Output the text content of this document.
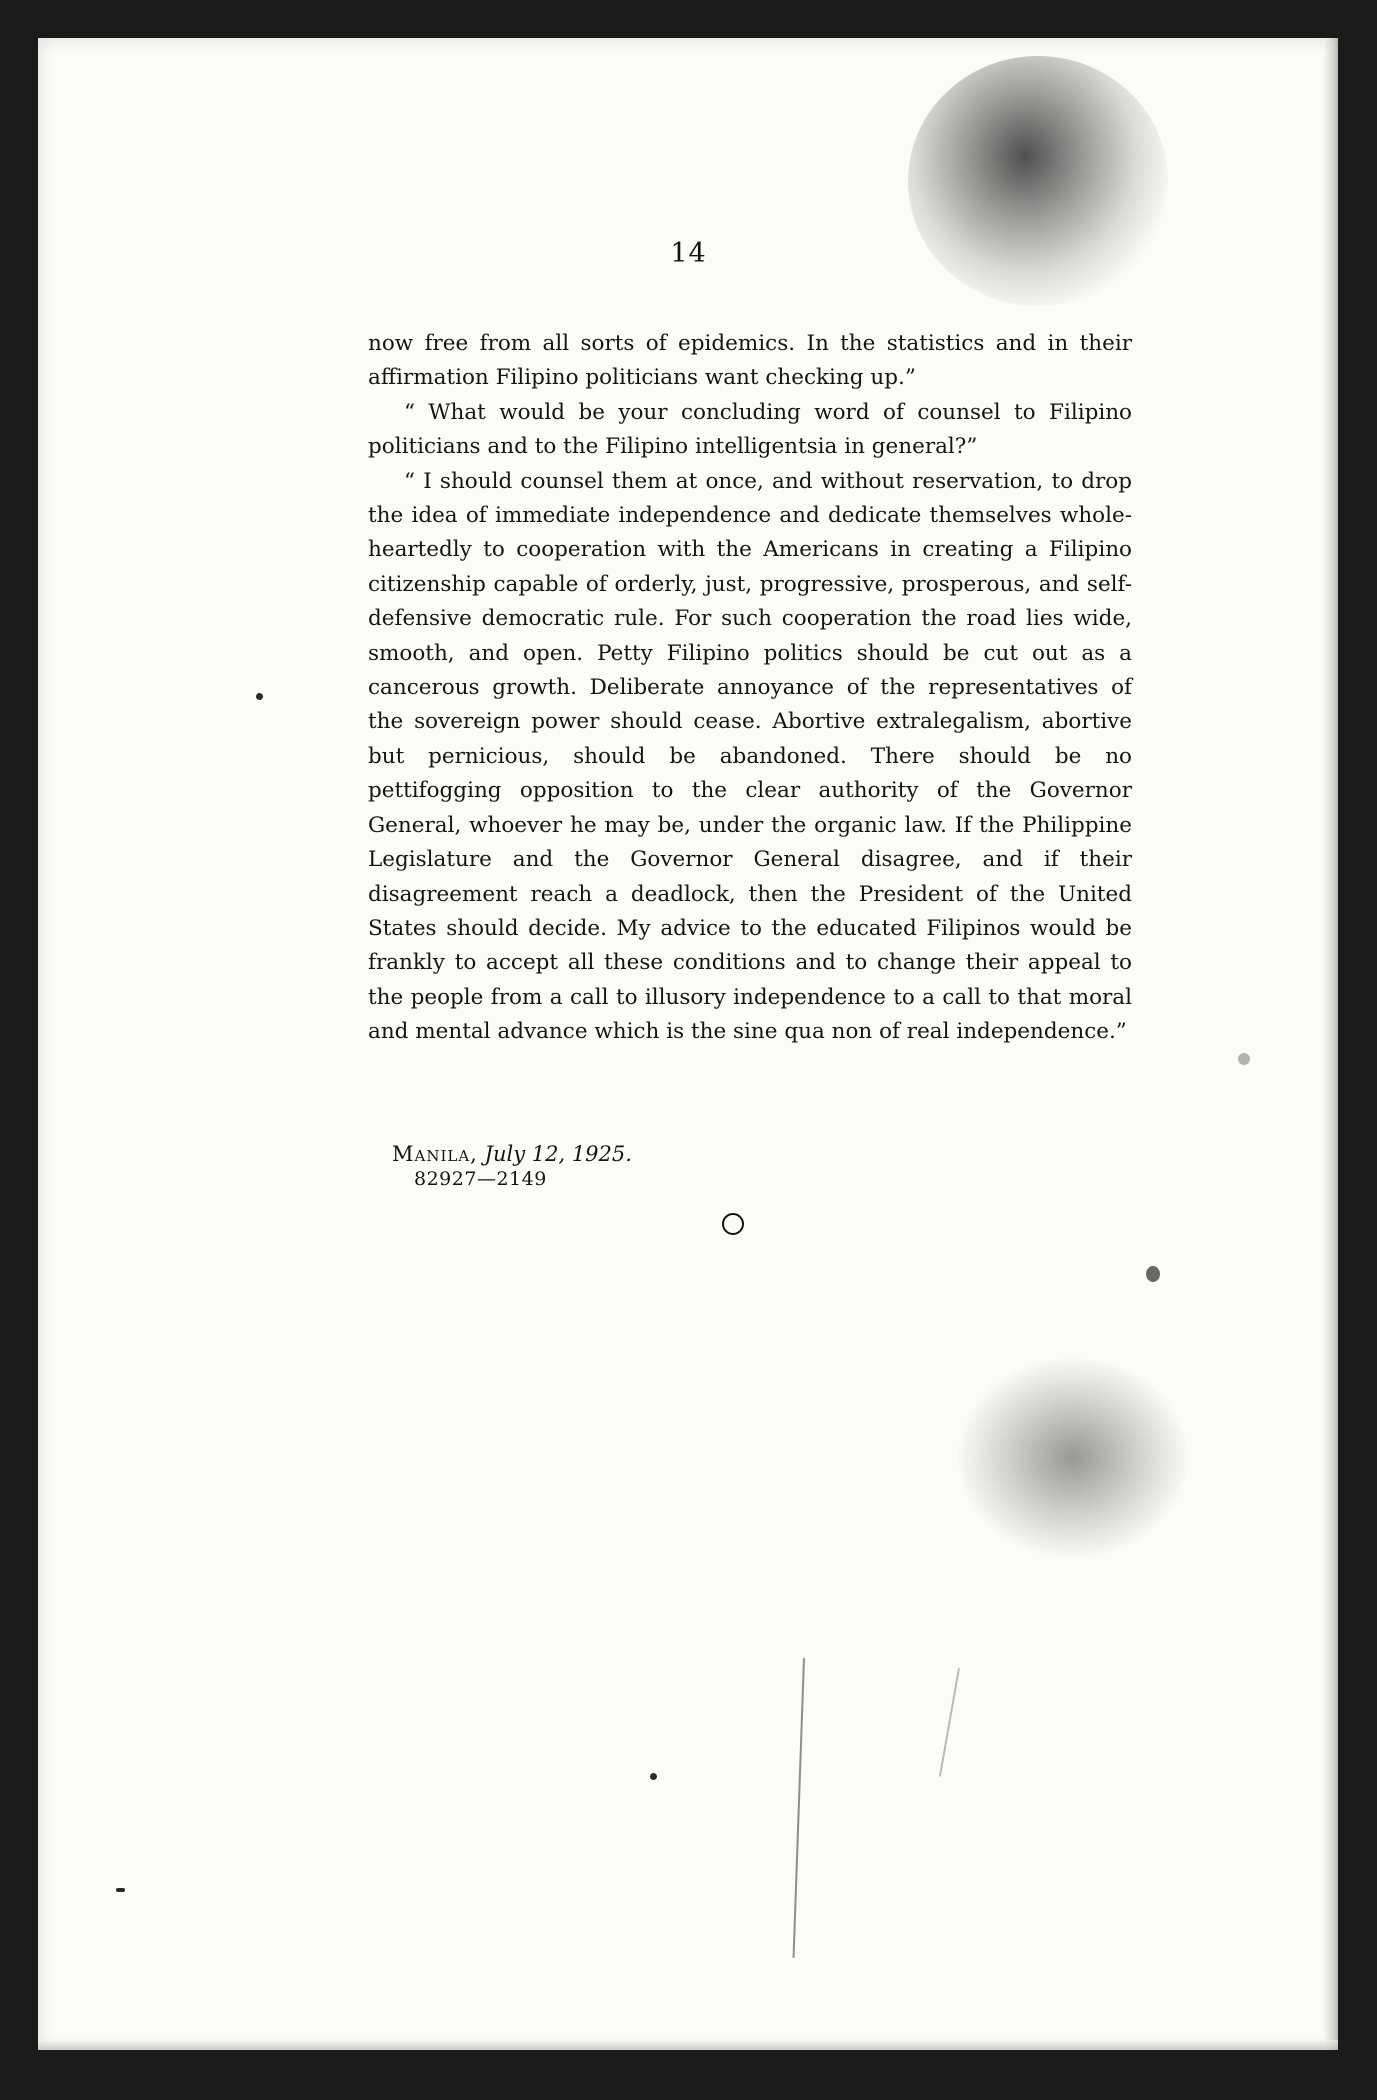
14

now free from all sorts of epidemics. In the statistics and in their affirmation Filipino politicians want checking up.”

“ What would be your concluding word of counsel to Filipino politicians and to the Filipino intelligentsia in general?”

“ I should counsel them at once, and without reservation, to drop the idea of immediate independence and dedicate themselves whole-heartedly to cooperation with the Americans in creating a Filipino citizenship capable of orderly, just, progressive, prosperous, and self-defensive democratic rule. For such cooperation the road lies wide, smooth, and open. Petty Filipino politics should be cut out as a cancerous growth. Deliberate annoyance of the representatives of the sovereign power should cease. Abortive extralegalism, abortive but pernicious, should be abandoned. There should be no pettifogging opposition to the clear authority of the Governor General, whoever he may be, under the organic law. If the Philippine Legislature and the Governor General disagree, and if their disagreement reach a deadlock, then the President of the United States should decide. My advice to the educated Filipinos would be frankly to accept all these conditions and to change their appeal to the people from a call to illusory independence to a call to that moral and mental advance which is the sine qua non of real independence.”

Manila, July 12, 1925.
82927—2149
